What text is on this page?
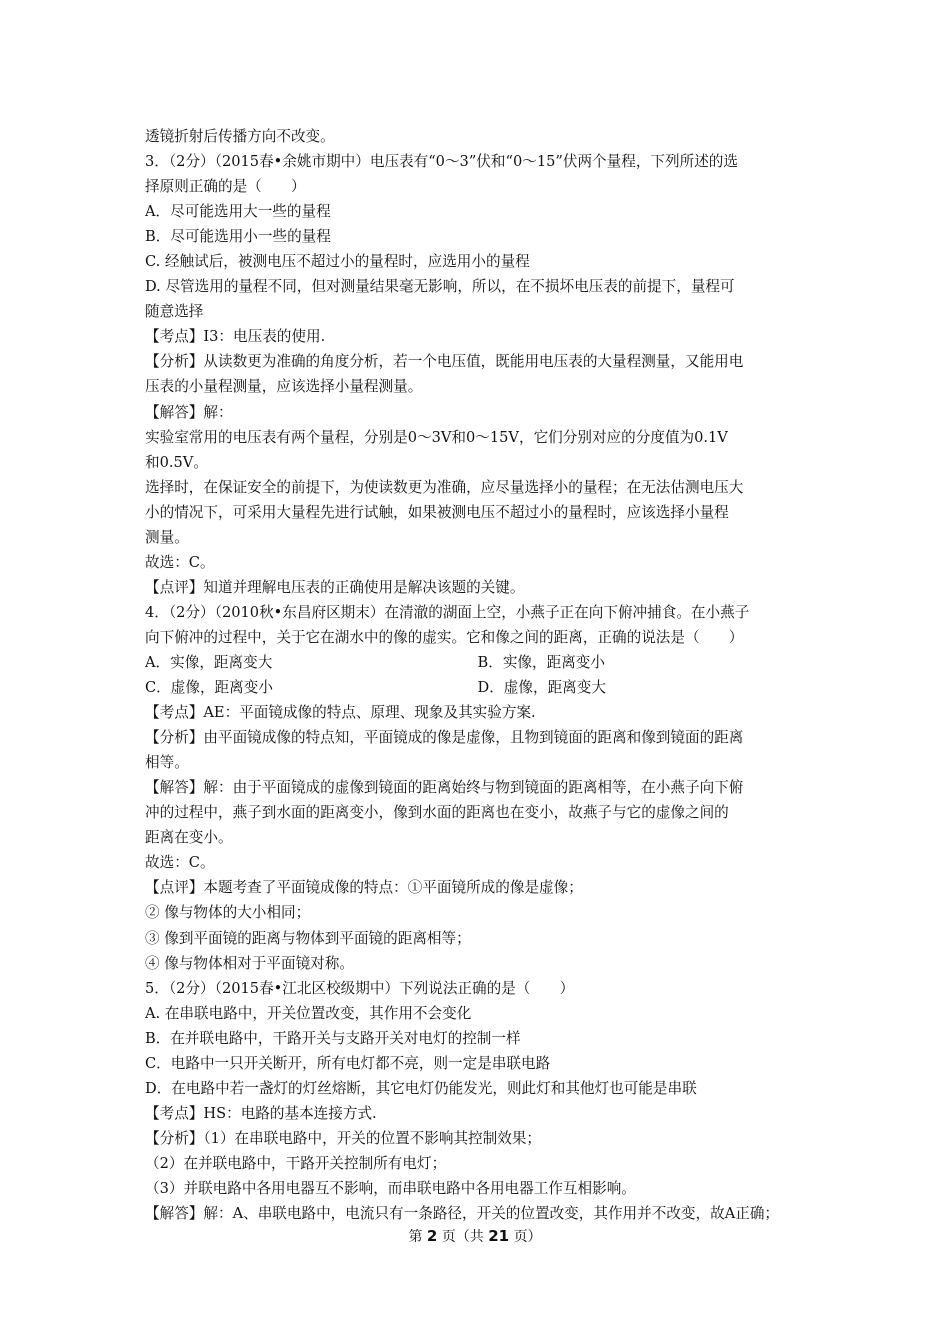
透镜折射后传播方向不改变。
3．（2分）（2015春•余姚市期中）电压表有“0～3”伏和“0～15”伏两个量程，下列所述的选
择原则正确的是（　　）
A．尽可能选用大一些的量程
B．尽可能选用小一些的量程
C. 经触试后，被测电压不超过小的量程时，应选用小的量程
D. 尽管选用的量程不同，但对测量结果毫无影响，所以，在不损坏电压表的前提下，量程可
随意选择
【考点】I3：电压表的使用.
【分析】从读数更为准确的角度分析，若一个电压值，既能用电压表的大量程测量，又能用电
压表的小量程测量，应该选择小量程测量。
【解答】解：
实验室常用的电压表有两个量程，分别是0～3V和0～15V，它们分别对应的分度值为0.1V
和0.5V。
选择时，在保证安全的前提下，为使读数更为准确，应尽量选择小的量程；在无法估测电压大
小的情况下，可采用大量程先进行试触，如果被测电压不超过小的量程时，应该选择小量程
测量。
故选：C。
【点评】知道并理解电压表的正确使用是解决该题的关键。
4．（2分）（2010秋•东昌府区期末）在清澈的湖面上空，小燕子正在向下俯冲捕食。在小燕子
向下俯冲的过程中，关于它在湖水中的像的虚实。它和像之间的距离，正确的说法是（　　）
A．实像，距离变大	B．实像，距离变小
C．虚像，距离变小	D．虚像，距离变大
【考点】AE：平面镜成像的特点、原理、现象及其实验方案.
【分析】由平面镜成像的特点知，平面镜成的像是虚像，且物到镜面的距离和像到镜面的距离
相等。
【解答】解：由于平面镜成的虚像到镜面的距离始终与物到镜面的距离相等，在小燕子向下俯
冲的过程中，燕子到水面的距离变小，像到水面的距离也在变小，故燕子与它的虚像之间的
距离在变小。
故选：C。
【点评】本题考查了平面镜成像的特点：①平面镜所成的像是虚像；
② 像与物体的大小相同；
③ 像到平面镜的距离与物体到平面镜的距离相等；
④ 像与物体相对于平面镜对称。
5．（2分）（2015春•江北区校级期中）下列说法正确的是（　　）
A. 在串联电路中，开关位置改变，其作用不会变化
B．在并联电路中，干路开关与支路开关对电灯的控制一样
C．电路中一只开关断开，所有电灯都不亮，则一定是串联电路
D．在电路中若一盏灯的灯丝熔断，其它电灯仍能发光，则此灯和其他灯也可能是串联
【考点】HS：电路的基本连接方式.
【分析】（1）在串联电路中，开关的位置不影响其控制效果；
（2）在并联电路中，干路开关控制所有电灯；
（3）并联电路中各用电器互不影响，而串联电路中各用电器工作互相影响。
【解答】解：A、串联电路中，电流只有一条路径，开关的位置改变，其作用并不改变，故A正确；
第 2 页（共 21 页）
